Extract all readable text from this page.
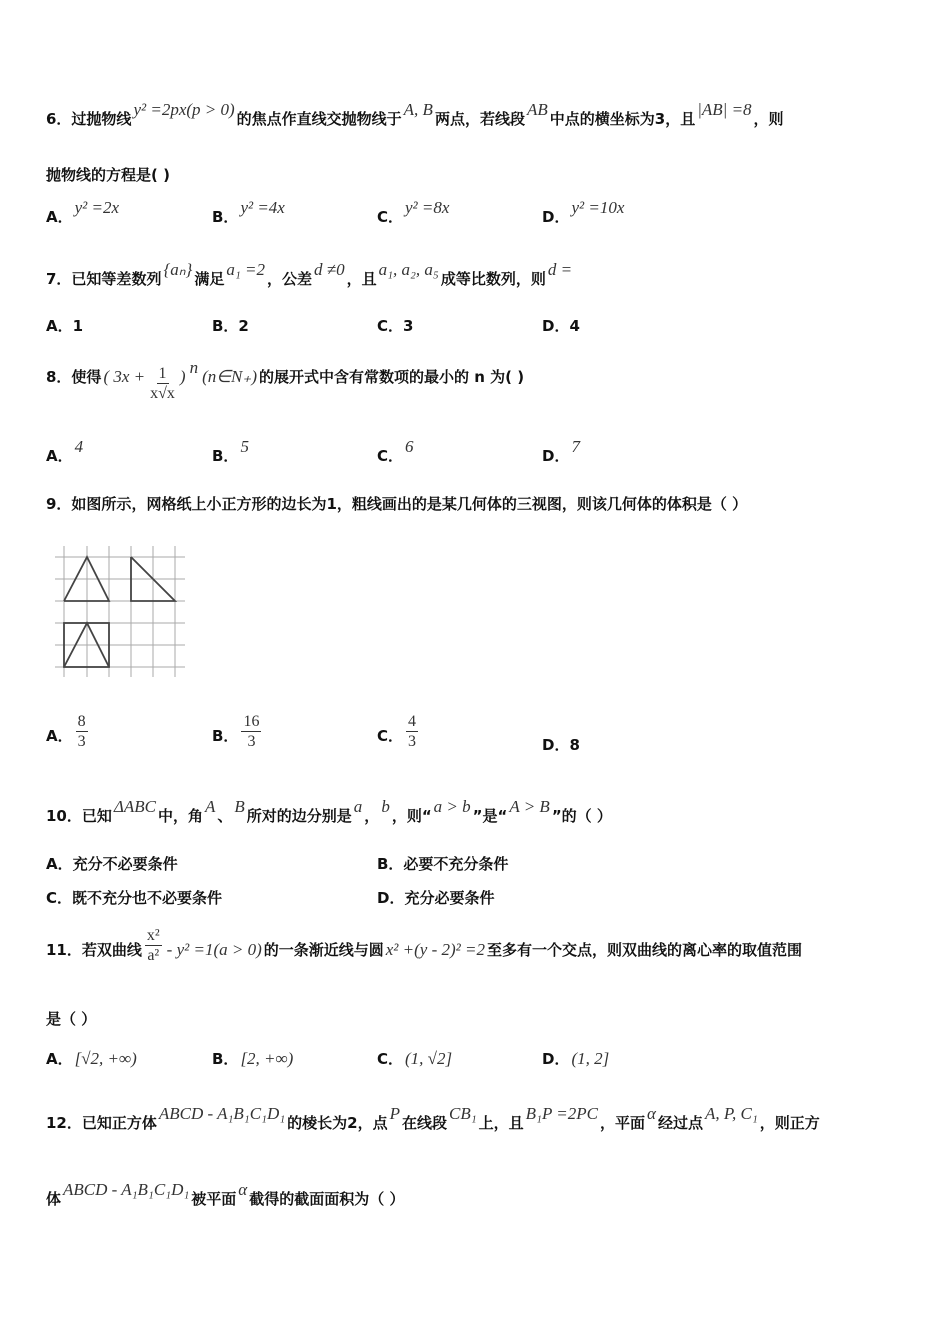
6．过抛物线 y² =2px(p > 0) 的焦点作直线交抛物线于 A, B 两点，若线段 AB 中点的横坐标为3，且 |AB| =8 ，则
抛物线的方程是( )
A． y² =2x	B． y² =4x	C． y² =8x	D． y² =10x
7．已知等差数列 {aₙ} 满足 a₁ =2 ，公差 d ≠0 ，且 a₁, a₂, a₅ 成等比数列，则 d =
A．1	B．2	C．3	D．4
8．使得 ( $3x + \frac{1}{x√x}$ ) n (n∈N₊) 的展开式中含有常数项的最小的 n 为( )
A． 4	B． 5	C． 6	D． 7
9．如图所示，网格纸上小正方形的边长为1，粗线画出的是某几何体的三视图，则该几何体的体积是（ ）
A． $\frac{8}{3}$	B． $\frac{16}{3}$	C． $\frac{4}{3}$	D．8
10．已知 ΔABC 中，角 A 、 B 所对的边分别是 a ， b ，则“ a > b ”是“ A > B ”的（ ）
A．充分不必要条件	B．必要不充分条件
C．既不充分也不必要条件	D．充分必要条件
11．若双曲线 $\frac{\text{x²}}{\text{a²}} - y^2 =1(a > 0)$ 的一条渐近线与圆 x² +(y - 2)² =2 至多有一个交点，则双曲线的离心率的取值范围
是（ ）
A． [√2, +∞)	B． [2, +∞)	C． (1, √2]	D． (1, 2]
12．已知正方体 ABCD - A₁B₁C₁D₁ 的棱长为2，点 P 在线段 CB₁ 上，且 B₁P =2PC ，平面 α 经过点 A, P, C₁ ，则正方
体 ABCD - A₁B₁C₁D₁ 被平面 α 截得的截面面积为（ ）
